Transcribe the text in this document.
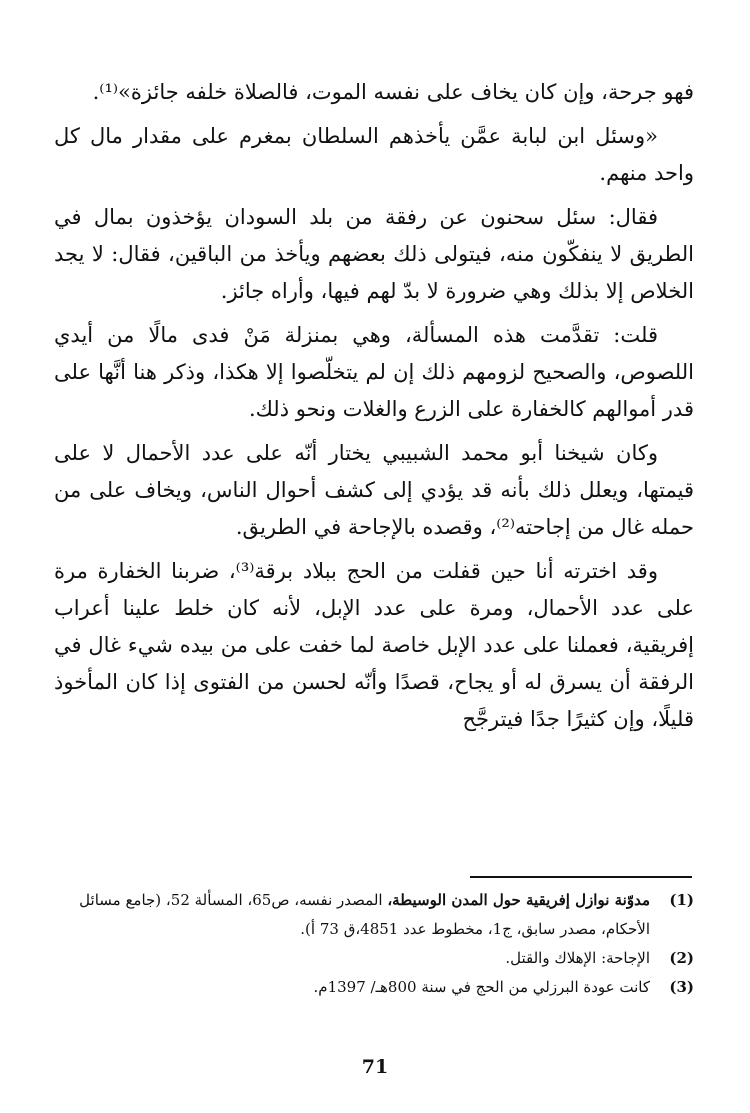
فهو جرحة، وإن كان يخاف على نفسه الموت، فالصلاة خلفه جائزة»⁽¹⁾.

«وسئل ابن لبابة عمَّن يأخذهم السلطان بمغرم على مقدار مال كل واحد منهم.

فقال: سئل سحنون عن رفقة من بلد السودان يؤخذون بمال في الطريق لا ينفكّون منه، فيتولى ذلك بعضهم ويأخذ من الباقين، فقال: لا يجد الخلاص إلا بذلك وهي ضرورة لا بدّ لهم فيها، وأراه جائز.

قلت: تقدَّمت هذه المسألة، وهي بمنزلة مَنْ فدى مالًا من أيدي اللصوص، والصحيح لزومهم ذلك إن لم يتخلّصوا إلا هكذا، وذكر هنا أنَّها على قدر أموالهم كالخفارة على الزرع والغلات ونحو ذلك.

وكان شيخنا أبو محمد الشبيبي يختار أنّه على عدد الأحمال لا على قيمتها، ويعلل ذلك بأنه قد يؤدي إلى كشف أحوال الناس، ويخاف على من حمله غال من إجاحته⁽²⁾، وقصده بالإجاحة في الطريق.

وقد اخترته أنا حين قفلت من الحج ببلاد برقة⁽³⁾، ضربنا الخفارة مرة على عدد الأحمال، ومرة على عدد الإبل، لأنه كان خلط علينا أعراب إفريقية، فعملنا على عدد الإبل خاصة لما خفت على من بيده شيء غال في الرفقة أن يسرق له أو يجاح، قصدًا وأنّه لحسن من الفتوى إذا كان المأخوذ قليلًا، وإن كثيرًا جدًا فيترجَّح

(1)
مدوّنة نوازل إفريقية حول المدن الوسيطة، المصدر نفسه، ص65، المسألة 52، (جامع مسائل الأحكام، مصدر سابق، ج1، مخطوط عدد 4851،ق 73 أ).
(2)
الإجاحة: الإهلاك والقتل.
(3)
كانت عودة البرزلي من الحج في سنة 800هـ/ 1397م.
71
